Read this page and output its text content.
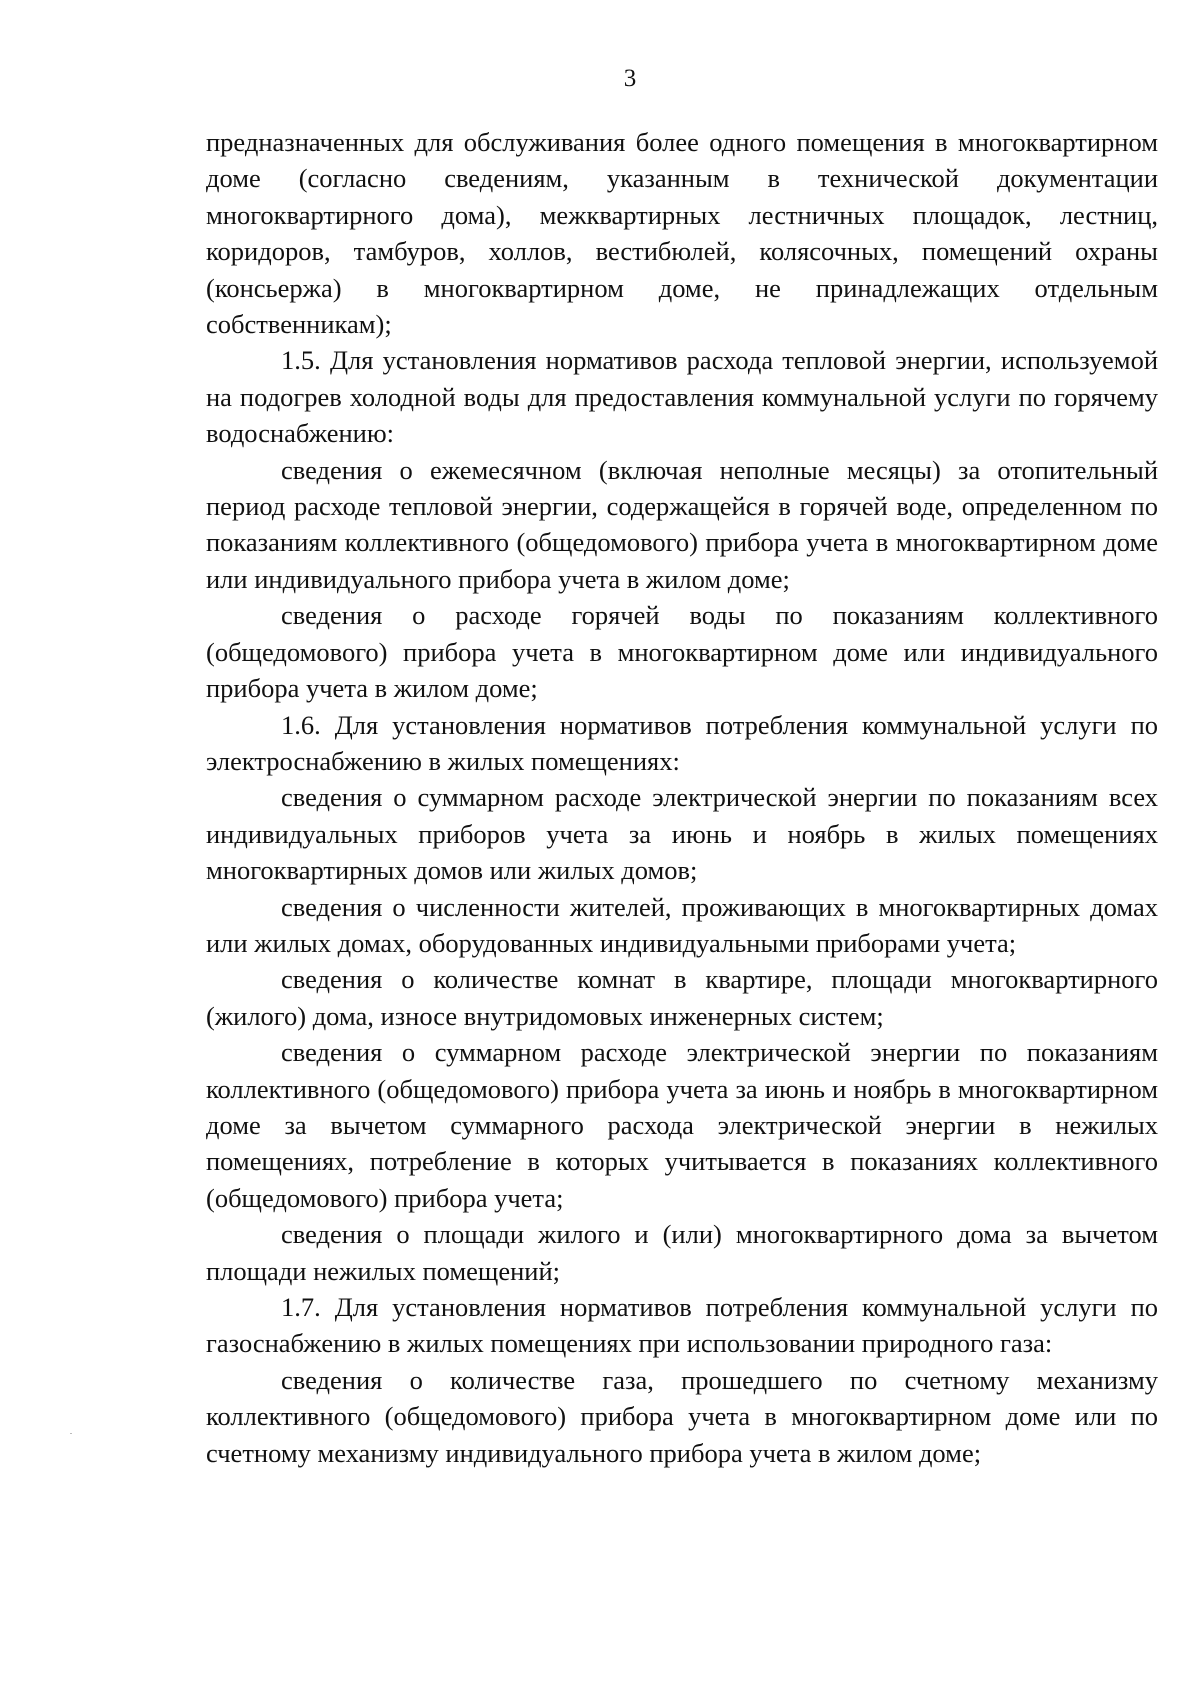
3

предназначенных для обслуживания более одного помещения в многоквартирном доме (согласно сведениям, указанным в технической документации многоквартирного дома), межквартирных лестничных площадок, лестниц, коридоров, тамбуров, холлов, вестибюлей, колясочных, помещений охраны (консьержа) в многоквартирном доме, не принадлежащих отдельным собственникам);

1.5. Для установления нормативов расхода тепловой энергии, используемой на подогрев холодной воды для предоставления коммунальной услуги по горячему водоснабжению:

сведения о ежемесячном (включая неполные месяцы) за отопительный период расходе тепловой энергии, содержащейся в горячей воде, определенном по показаниям коллективного (общедомового) прибора учета в многоквартирном доме или индивидуального прибора учета в жилом доме;

сведения о расходе горячей воды по показаниям коллективного (общедомового) прибора учета в многоквартирном доме или индивидуального прибора учета в жилом доме;

1.6. Для установления нормативов потребления коммунальной услуги по электроснабжению в жилых помещениях:

сведения о суммарном расходе электрической энергии по показаниям всех индивидуальных приборов учета за июнь и ноябрь в жилых помещениях многоквартирных домов или жилых домов;

сведения о численности жителей, проживающих в многоквартирных домах или жилых домах, оборудованных индивидуальными приборами учета;

сведения о количестве комнат в квартире, площади многоквартирного (жилого) дома, износе внутридомовых инженерных систем;

сведения о суммарном расходе электрической энергии по показаниям коллективного (общедомового) прибора учета за июнь и ноябрь в многоквартирном доме за вычетом суммарного расхода электрической энергии в нежилых помещениях, потребление в которых учитывается в показаниях коллективного (общедомового) прибора учета;

сведения о площади жилого и (или) многоквартирного дома за вычетом площади нежилых помещений;

1.7. Для установления нормативов потребления коммунальной услуги по газоснабжению в жилых помещениях при использовании природного газа:

сведения о количестве газа, прошедшего по счетному механизму коллективного (общедомового) прибора учета в многоквартирном доме или по счетному механизму индивидуального прибора учета в жилом доме;
